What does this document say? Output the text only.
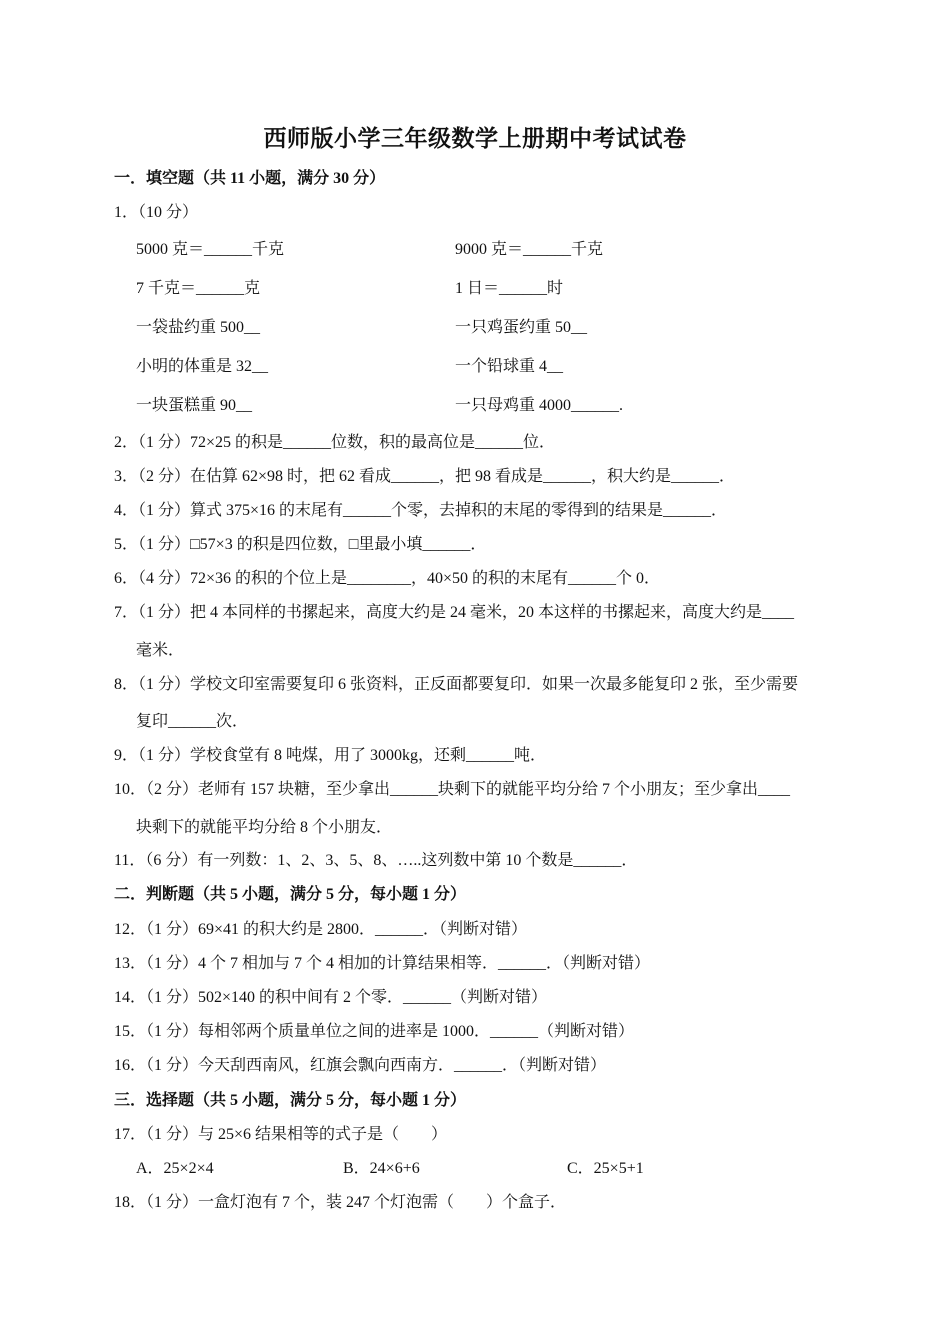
西师版小学三年级数学上册期中考试试卷
一．填空题（共 11 小题，满分 30 分）
1．（10 分）
5000 克＝______千克	9000 克＝______千克
7 千克＝______克	1 日＝______时
一袋盐约重 500__	一只鸡蛋约重 50__
小明的体重是 32__	一个铅球重 4__
一块蛋糕重 90__	一只母鸡重 4000______.
2．（1 分）72×25 的积是______位数，积的最高位是______位．
3．（2 分）在估算 62×98 时，把 62 看成______，把 98 看成是______，积大约是______．
4．（1 分）算式 375×16 的末尾有______个零，去掉积的末尾的零得到的结果是______．
5．（1 分）□57×3 的积是四位数，□里最小填______．
6．（4 分）72×36 的积的个位上是________，40×50 的积的末尾有______个 0．
7．（1 分）把 4 本同样的书摞起来，高度大约是 24 毫米，20 本这样的书摞起来，高度大约是____
毫米．
8．（1 分）学校文印室需要复印 6 张资料，正反面都要复印．如果一次最多能复印 2 张，至少需要
复印______次．
9．（1 分）学校食堂有 8 吨煤，用了 3000kg，还剩______吨．
10．（2 分）老师有 157 块糖，至少拿出______块剩下的就能平均分给 7 个小朋友；至少拿出____
块剩下的就能平均分给 8 个小朋友．
11．（6 分）有一列数：1、2、3、5、8、…..这列数中第 10 个数是______．
二．判断题（共 5 小题，满分 5 分，每小题 1 分）
12．（1 分）69×41 的积大约是 2800．______．（判断对错）
13．（1 分）4 个 7 相加与 7 个 4 相加的计算结果相等．______．（判断对错）
14．（1 分）502×140 的积中间有 2 个零．______（判断对错）
15．（1 分）每相邻两个质量单位之间的进率是 1000．______（判断对错）
16．（1 分）今天刮西南风，红旗会飘向西南方．______．（判断对错）
三．选择题（共 5 小题，满分 5 分，每小题 1 分）
17．（1 分）与 25×6 结果相等的式子是（　　）
A．25×2×4	B．24×6+6	C．25×5+1
18．（1 分）一盒灯泡有 7 个，装 247 个灯泡需（　　）个盒子．
